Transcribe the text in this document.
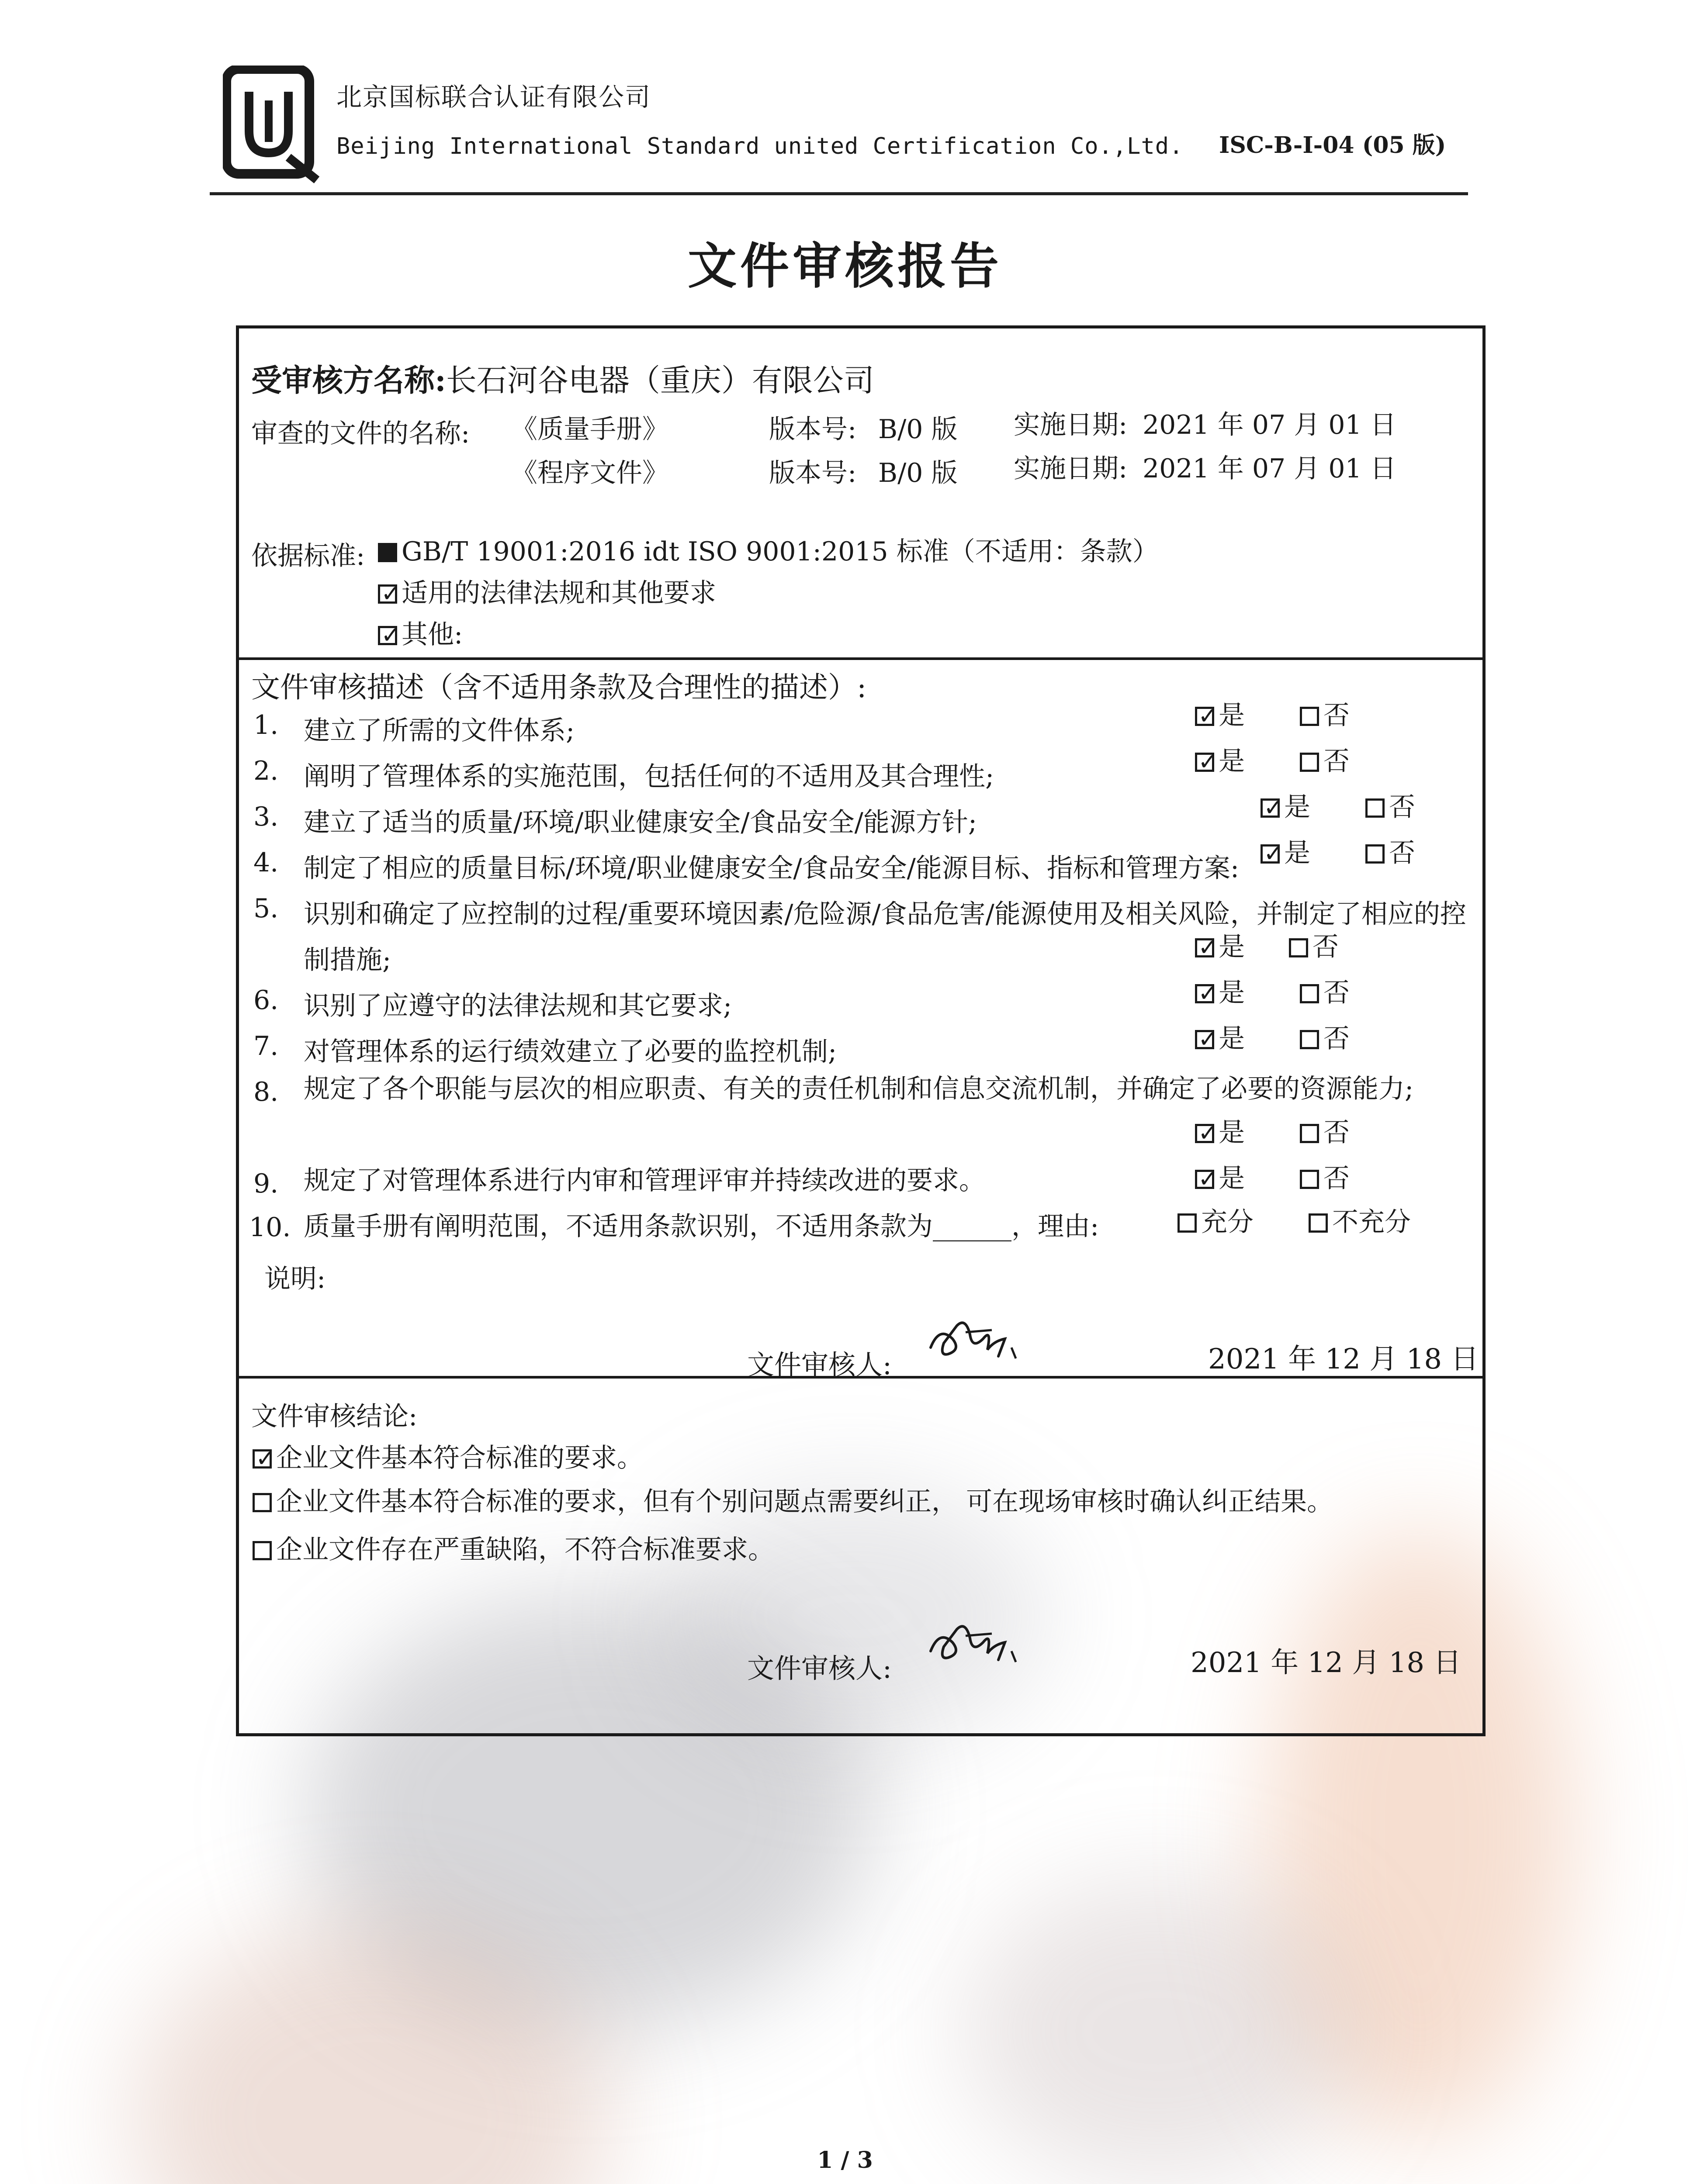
北京国标联合认证有限公司
Beijing International Standard united Certification Co.,Ltd. ISC-B-I-04 (05 版)
文件审核报告
受审核方名称:长石河谷电器（重庆）有限公司
审查的文件的名称: 《质量手册》	版本号: B/0 版 实施日期: 2021 年 07 月 01 日
《程序文件》	版本号: B/0 版 实施日期: 2021 年 07 月 01 日
依据标准:	GB/T 19001:2016 idt ISO 9001:2015 标准（不适用：条款）
✓适用的法律法规和其他要求
✓其他:
文件审核描述（含不适用条款及合理性的描述）:
1. 建立了所需的文件体系; ✓	是	否
2. 阐明了管理体系的实施范围，包括任何的不适用及其合理性; ✓	是	否
3. 建立了适当的质量/环境/职业健康安全/食品安全/能源方针; ✓	是	否
4. 制定了相应的质量目标/环境/职业健康安全/食品安全/能源目标、指标和管理方案: ✓	是	否
5. 识别和确定了应控制的过程/重要环境因素/危险源/食品危害/能源使用及相关风险，并制定了相应的控
制措施; ✓	是	否
6. 识别了应遵守的法律法规和其它要求; ✓	是	否
7. 对管理体系的运行绩效建立了必要的监控机制; ✓	是	否
8. 规定了各个职能与层次的相应职责、有关的责任机制和信息交流机制，并确定了必要的资源能力;
✓是	否
9. 规定了对管理体系进行内审和管理评审并持续改进的要求。 ✓	是	否
10. 质量手册有阐明范围，不适用条款识别，不适用条款为______，理由:	充分	不充分
说明:
文件审核人:	2021 年 12 月 18 日
文件审核结论:
✓企业文件基本符合标准的要求。
企业文件基本符合标准的要求，但有个别问题点需要纠正， 可在现场审核时确认纠正结果。
企业文件存在严重缺陷，不符合标准要求。
文件审核人:	2021 年 12 月 18 日
1 / 3
